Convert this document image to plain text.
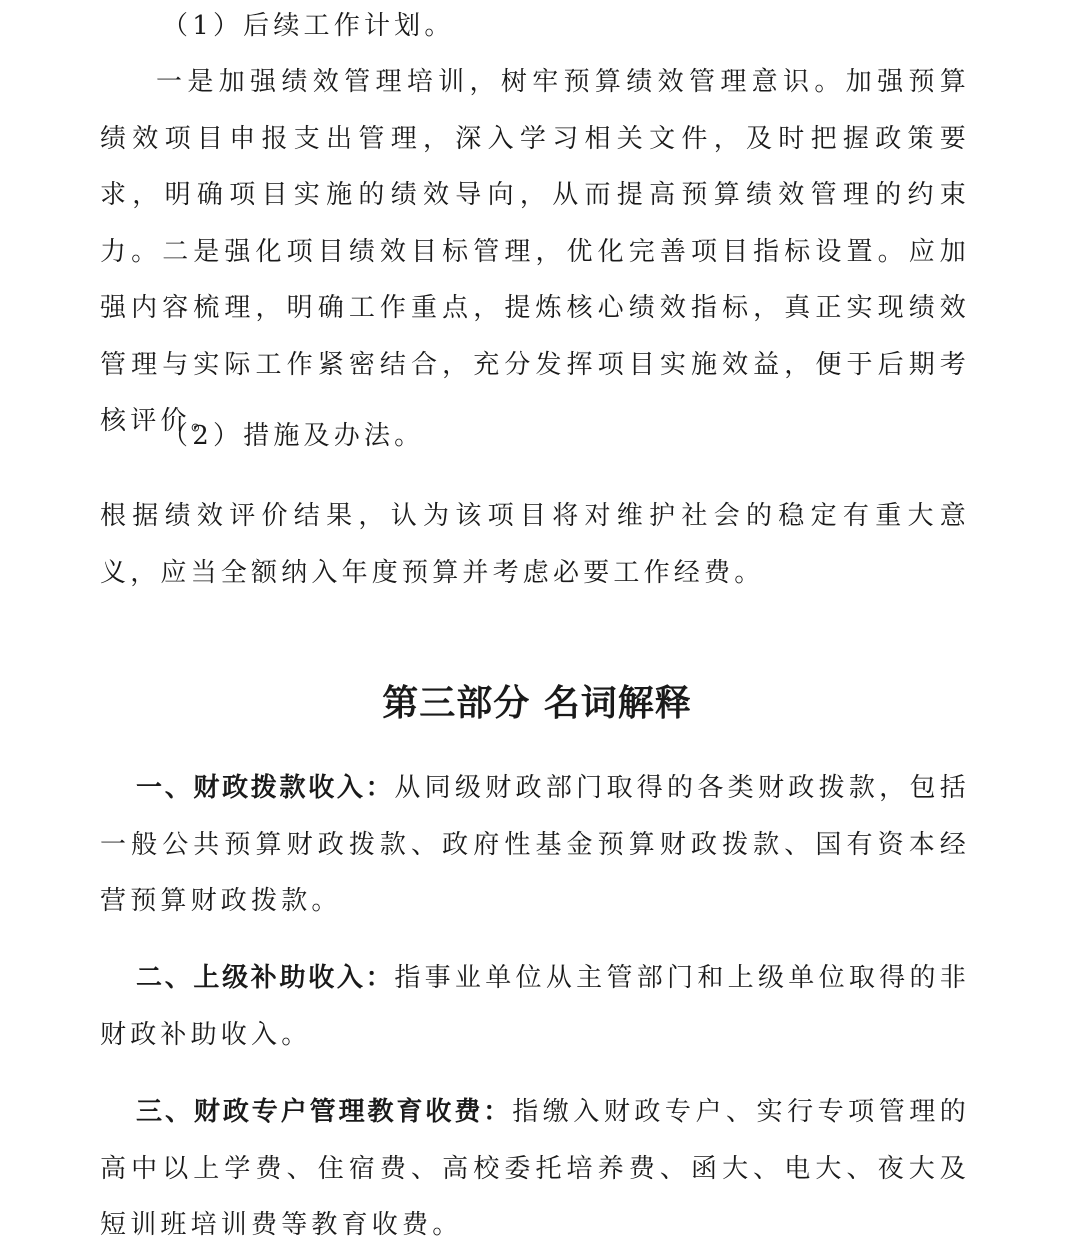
（1）后续工作计划。

一是加强绩效管理培训，树牢预算绩效管理意识。加强预算绩效项目申报支出管理，深入学习相关文件，及时把握政策要求，明确项目实施的绩效导向，从而提高预算绩效管理的约束力。二是强化项目绩效目标管理，优化完善项目指标设置。应加强内容梳理，明确工作重点，提炼核心绩效指标，真正实现绩效管理与实际工作紧密结合，充分发挥项目实施效益，便于后期考核评价。

（2）措施及办法。

根据绩效评价结果，认为该项目将对维护社会的稳定有重大意义，应当全额纳入年度预算并考虑必要工作经费。

第三部分 名词解释

一、财政拨款收入：从同级财政部门取得的各类财政拨款，包括一般公共预算财政拨款、政府性基金预算财政拨款、国有资本经营预算财政拨款。

二、上级补助收入：指事业单位从主管部门和上级单位取得的非财政补助收入。

三、财政专户管理教育收费：指缴入财政专户、实行专项管理的高中以上学费、住宿费、高校委托培养费、函大、电大、夜大及短训班培训费等教育收费。
